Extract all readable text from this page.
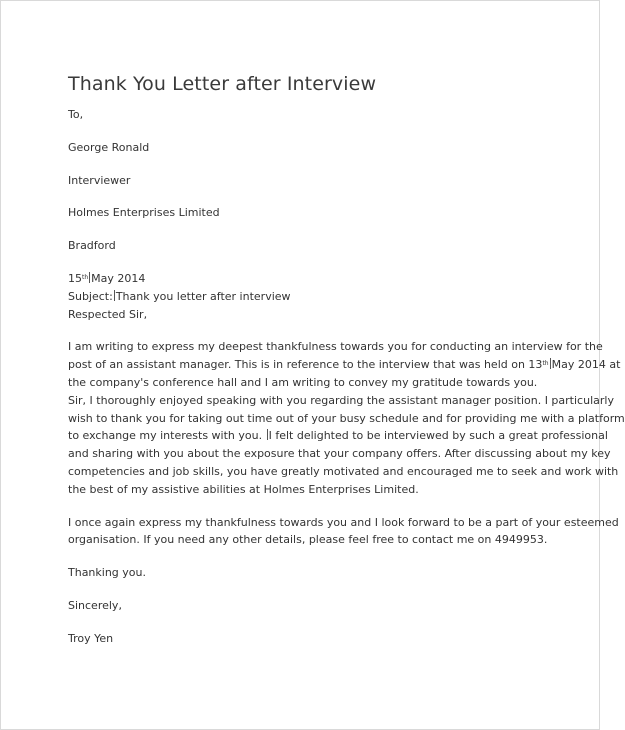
Thank You Letter after Interview
To,
George Ronald
Interviewer
Holmes Enterprises Limited
Bradford
15th May 2014
Subject: Thank you letter after interview
Respected Sir,
I am writing to express my deepest thankfulness towards you for conducting an interview for the
post of an assistant manager. This is in reference to the interview that was held on 13th May 2014 at
the company's conference hall and I am writing to convey my gratitude towards you.
Sir, I thoroughly enjoyed speaking with you regarding the assistant manager position. I particularly
wish to thank you for taking out time out of your busy schedule and for providing me with a platform
to exchange my interests with you. I felt delighted to be interviewed by such a great professional
and sharing with you about the exposure that your company offers. After discussing about my key
competencies and job skills, you have greatly motivated and encouraged me to seek and work with
the best of my assistive abilities at Holmes Enterprises Limited.
I once again express my thankfulness towards you and I look forward to be a part of your esteemed
organisation. If you need any other details, please feel free to contact me on 4949953.
Thanking you.
Sincerely,
Troy Yen
